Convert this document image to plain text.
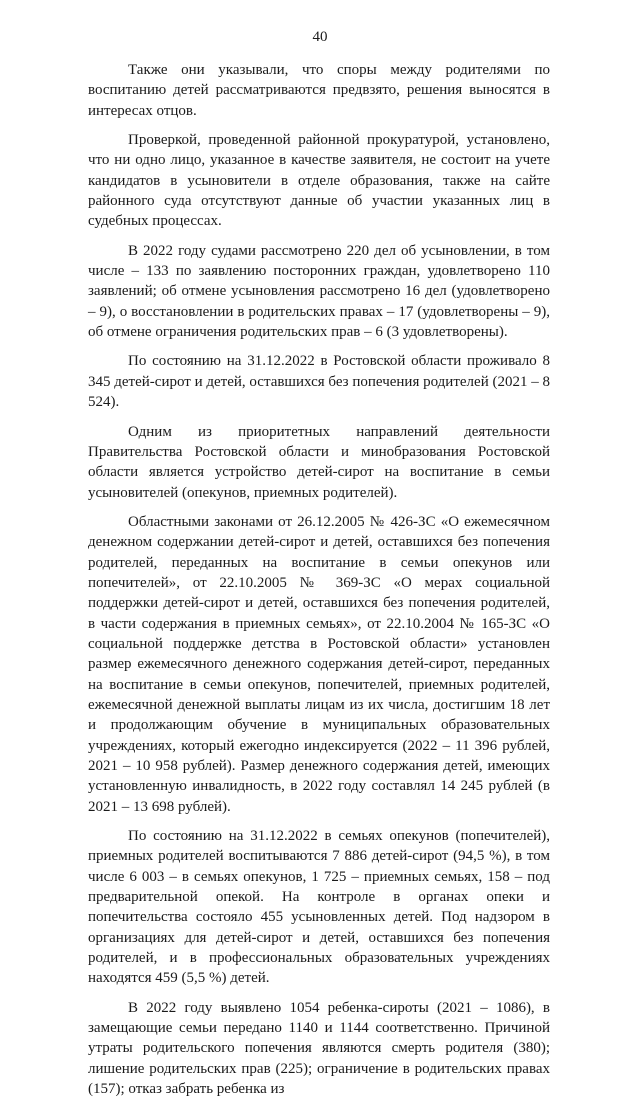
40

Также они указывали, что споры между родителями по воспитанию детей рассматриваются предвзято, решения выносятся в интересах отцов.

Проверкой, проведенной районной прокуратурой, установлено, что ни одно лицо, указанное в качестве заявителя, не состоит на учете кандидатов в усыновители в отделе образования, также на сайте районного суда отсутствуют данные об участии указанных лиц в судебных процессах.

В 2022 году судами рассмотрено 220 дел об усыновлении, в том числе – 133 по заявлению посторонних граждан, удовлетворено 110 заявлений; об отмене усыновления рассмотрено 16 дел (удовлетворено – 9), о восстановлении в родительских правах – 17 (удовлетворены – 9), об отмене ограничения родительских прав – 6 (3 удовлетворены).

По состоянию на 31.12.2022 в Ростовской области проживало 8 345 детей-сирот и детей, оставшихся без попечения родителей (2021 – 8 524).

Одним из приоритетных направлений деятельности Правительства Ростовской области и минобразования Ростовской области является устройство детей-сирот на воспитание в семьи усыновителей (опекунов, приемных родителей).

Областными законами от 26.12.2005 № 426-ЗС «О ежемесячном денежном содержании детей-сирот и детей, оставшихся без попечения родителей, переданных на воспитание в семьи опекунов или попечителей», от 22.10.2005 № 369-ЗС «О мерах социальной поддержки детей-сирот и детей, оставшихся без попечения родителей, в части содержания в приемных семьях», от 22.10.2004 № 165-ЗС «О социальной поддержке детства в Ростовской области» установлен размер ежемесячного денежного содержания детей-сирот, переданных на воспитание в семьи опекунов, попечителей, приемных родителей, ежемесячной денежной выплаты лицам из их числа, достигшим 18 лет и продолжающим обучение в муниципальных образовательных учреждениях, который ежегодно индексируется (2022 – 11 396 рублей, 2021 – 10 958 рублей). Размер денежного содержания детей, имеющих установленную инвалидность, в 2022 году составлял 14 245 рублей (в 2021 – 13 698 рублей).

По состоянию на 31.12.2022 в семьях опекунов (попечителей), приемных родителей воспитываются 7 886 детей-сирот (94,5 %), в том числе 6 003 – в семьях опекунов, 1 725 – приемных семьях, 158 – под предварительной опекой. На контроле в органах опеки и попечительства состояло 455 усыновленных детей. Под надзором в организациях для детей-сирот и детей, оставшихся без попечения родителей, и в профессиональных образовательных учреждениях находятся 459 (5,5 %) детей.

В 2022 году выявлено 1054 ребенка-сироты (2021 – 1086), в замещающие семьи передано 1140 и 1144 соответственно. Причиной утраты родительского попечения являются смерть родителя (380); лишение родительских прав (225); ограничение в родительских правах (157); отказ забрать ребенка из
